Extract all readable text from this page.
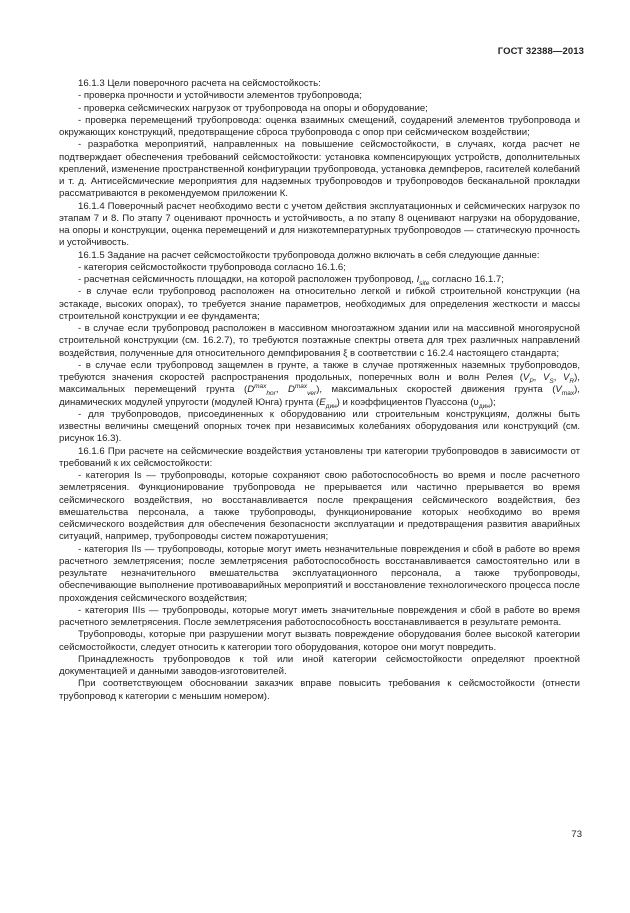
ГОСТ 32388—2013

16.1.3 Цели поверочного расчета на сейсмостойкость:

- проверка прочности и устойчивости элементов трубопровода;

- проверка сейсмических нагрузок от трубопровода на опоры и оборудование;

- проверка перемещений трубопровода: оценка взаимных смещений, соударений элементов трубопровода и окружающих конструкций, предотвращение сброса трубопровода с опор при сейсмическом воздействии;

- разработка мероприятий, направленных на повышение сейсмостойкости, в случаях, когда расчет не подтверждает обеспечения требований сейсмостойкости: установка компенсирующих устройств, дополнительных креплений, изменение пространственной конфигурации трубопровода, установка демпферов, гасителей колебаний и т. д. Антисейсмические мероприятия для надземных трубопроводов и трубопроводов бесканальной прокладки рассматриваются в рекомендуемом приложении К.

16.1.4 Поверочный расчет необходимо вести с учетом действия эксплуатационных и сейсмических нагрузок по этапам 7 и 8. По этапу 7 оценивают прочность и устойчивость, а по этапу 8 оценивают нагрузки на оборудование, на опоры и конструкции, оценка перемещений и для низкотемпературных трубопроводов — статическую прочность и устойчивость.

16.1.5 Задание на расчет сейсмостойкости трубопровода должно включать в себя следующие данные:

- категория сейсмостойкости трубопровода согласно 16.1.6;

- расчетная сейсмичность площадки, на которой расположен трубопровод, $I_{site}$ согласно 16.1.7;

- в случае если трубопровод расположен на относительно легкой и гибкой строительной конструкции (на эстакаде, высоких опорах), то требуется знание параметров, необходимых для определения жесткости и массы строительной конструкции и ее фундамента;

- в случае если трубопровод расположен в массивном многоэтажном здании или на массивной многоярусной строительной конструкции (см. 16.2.7), то требуются поэтажные спектры ответа для трех различных направлений воздействия, полученные для относительного демпфирования ξ в соответствии с 16.2.4 настоящего стандарта;

- в случае если трубопровод защемлен в грунте, а также в случае протяженных наземных трубопроводов, требуются значения скоростей распространения продольных, поперечных волн и волн Релея ($V_P$, $V_S$, $V_R$), максимальных перемещений грунта ($D^{max}_{hor}$, $D^{max}_{ver}$), максимальных скоростей движения грунта $(V_{max})$, динамических модулей упругости (модулей Юнга) грунта $(E_{дин})$ и коэффициентов Пуассона $(\upsilon_{дин})$;

- для трубопроводов, присоединенных к оборудованию или строительным конструкциям, должны быть известны величины смещений опорных точек при независимых колебаниях оборудования или конструкций (см. рисунок 16.3).

16.1.6 При расчете на сейсмические воздействия установлены три категории трубопроводов в зависимости от требований к их сейсмостойкости:

- категория Is — трубопроводы, которые сохраняют свою работоспособность во время и после расчетного землетрясения. Функционирование трубопровода не прерывается или частично прерывается во время сейсмического воздействия, но восстанавливается после прекращения сейсмического воздействия, без вмешательства персонала, а также трубопроводы, функционирование которых необходимо во время сейсмического воздействия для обеспечения безопасности эксплуатации и предотвращения развития аварийных ситуаций, например, трубопроводы систем пожаротушения;

- категория IIs — трубопроводы, которые могут иметь незначительные повреждения и сбой в работе во время расчетного землетрясения; после землетрясения работоспособность восстанавливается самостоятельно или в результате незначительного вмешательства эксплуатационного персонала, а также трубопроводы, обеспечивающие выполнение противоаварийных мероприятий и восстановление технологического процесса после прохождения сейсмического воздействия;

- категория IIIs — трубопроводы, которые могут иметь значительные повреждения и сбой в работе во время расчетного землетрясения. После землетрясения работоспособность восстанавливается в результате ремонта.

Трубопроводы, которые при разрушении могут вызвать повреждение оборудования более высокой категории сейсмостойкости, следует относить к категории того оборудования, которое они могут повредить.

Принадлежность трубопроводов к той или иной категории сейсмостойкости определяют проектной документацией и данными заводов-изготовителей.

При соответствующем обосновании заказчик вправе повысить требования к сейсмостойкости (отнести трубопровод к категории с меньшим номером).

73
